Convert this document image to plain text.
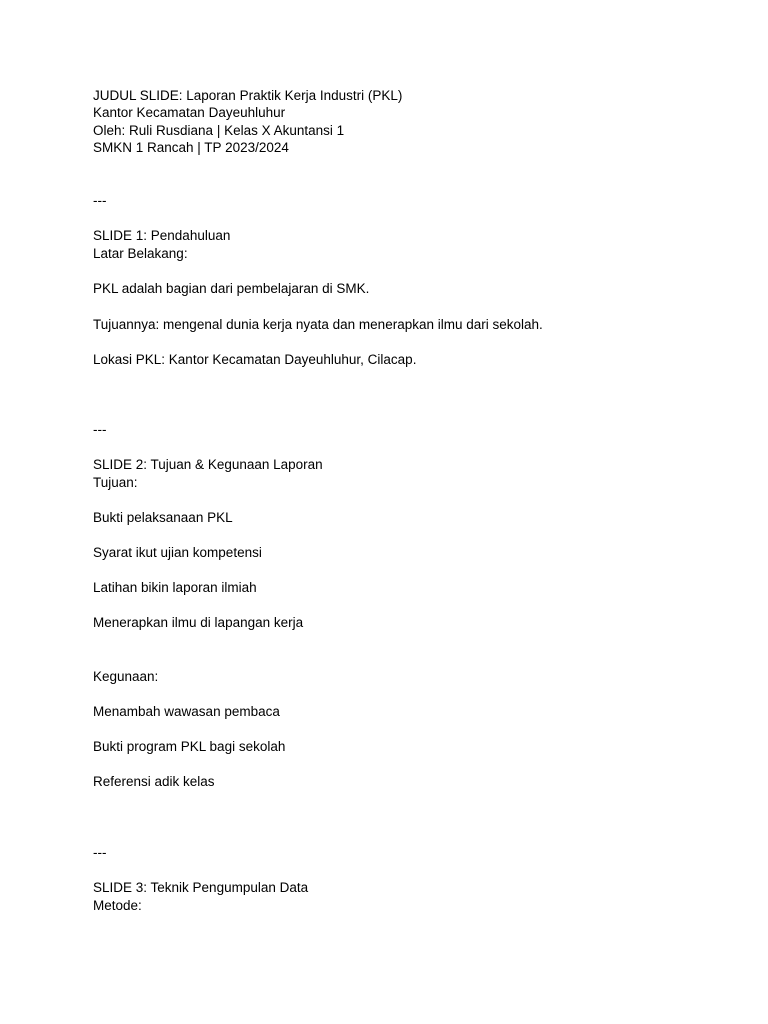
JUDUL SLIDE: Laporan Praktik Kerja Industri (PKL)

Kantor Kecamatan Dayeuhluhur

Oleh: Ruli Rusdiana | Kelas X Akuntansi 1

SMKN 1 Rancah | TP 2023/2024

---

SLIDE 1: Pendahuluan

Latar Belakang:

PKL adalah bagian dari pembelajaran di SMK.

Tujuannya: mengenal dunia kerja nyata dan menerapkan ilmu dari sekolah.

Lokasi PKL: Kantor Kecamatan Dayeuhluhur, Cilacap.

---

SLIDE 2: Tujuan & Kegunaan Laporan

Tujuan:

Bukti pelaksanaan PKL

Syarat ikut ujian kompetensi

Latihan bikin laporan ilmiah

Menerapkan ilmu di lapangan kerja

Kegunaan:

Menambah wawasan pembaca

Bukti program PKL bagi sekolah

Referensi adik kelas

---

SLIDE 3: Teknik Pengumpulan Data

Metode:
